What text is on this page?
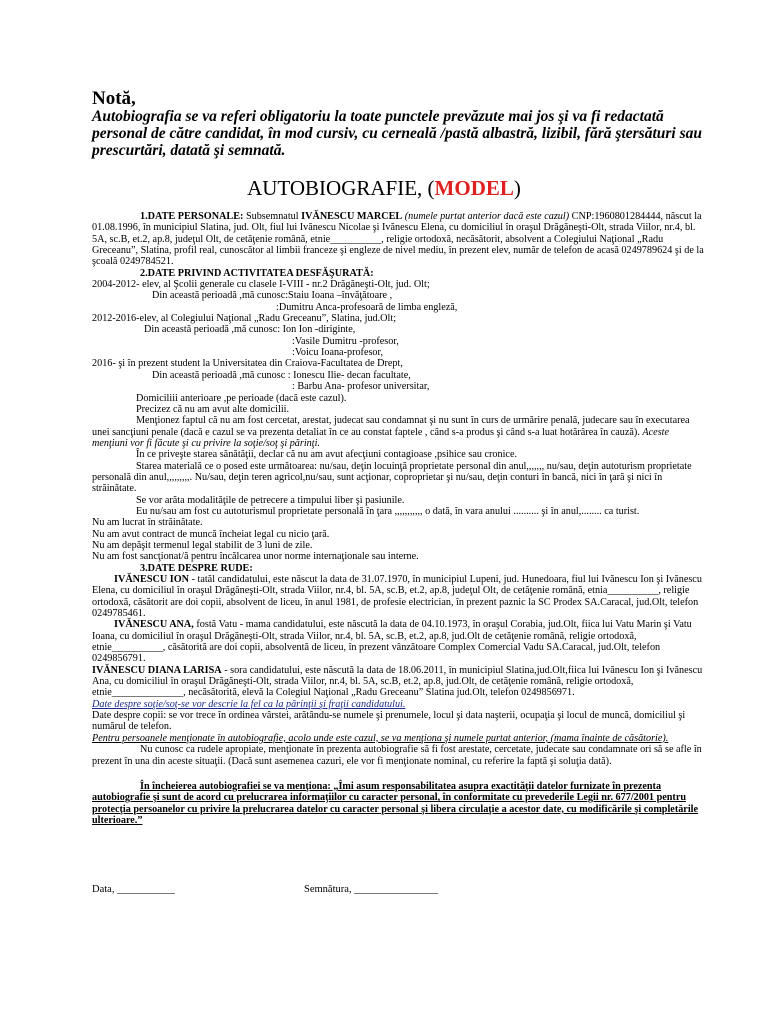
Notă,
Autobiografia se va referi obligatoriu la toate punctele prevăzute mai jos şi va fi redactată personal de către candidat, în mod cursiv, cu cerneală /pastă albastră, lizibil, fără ştersături sau prescurtări, datată şi semnată.
AUTOBIOGRAFIE, (MODEL)

1.DATE PERSONALE: Subsemnatul IVĂNESCU MARCEL (numele purtat anterior dacă este cazul) CNP:1960801284444, născut la 01.08.1996, în municipiul Slatina, jud. Olt, fiul lui Ivănescu Nicolae şi Ivănescu Elena, cu domiciliul în oraşul Drăgăneşti-Olt, strada Viilor, nr.4, bl. 5A, sc.B, et.2, ap.8, judeţul Olt, de cetăţenie română, etnie__________, religie ortodoxă, necăsătorit, absolvent a Colegiului Naţional „Radu Greceanu”, Slatina, profil real, cunoscător al limbii franceze şi engleze de nivel mediu, în prezent elev, număr de telefon de acasă 0249789624 şi de la şcoală 0249784521.

2.DATE PRIVIND ACTIVITATEA DESFĂŞURATĂ:

2004-2012- elev, al Şcolii generale cu clasele I-VIII - nr.2 Drăgăneşti-Olt, jud. Olt;

Din această perioadă ,mă cunosc:Staiu Ioana –învăţătoare ,

:Dumitru Anca-profesoară de limba engleză,

2012-2016-elev, al Colegiului Naţional „Radu Greceanu”, Slatina, jud.Olt;

Din această perioadă ,mă cunosc: Ion Ion -diriginte,

:Vasile Dumitru -profesor,

:Voicu Ioana-profesor,

2016- şi în prezent student la Universitatea din Craiova-Facultatea de Drept,

Din această perioadă ,mă cunosc : Ionescu Ilie- decan facultate,

: Barbu Ana- profesor universitar,

Domiciliii anterioare ,pe perioade (dacă este cazul).

Precizez că nu am avut alte domicilii.

Menţionez faptul că nu am fost cercetat, arestat, judecat sau condamnat şi nu sunt în curs de urmărire penală, judecare sau în executarea unei sancţiuni penale (dacă e cazul se va prezenta detaliat în ce au constat faptele , când s-a produs şi când s-a luat hotărârea în cauză). Aceste menţiuni vor fi făcute şi cu privire la soţie/soţ şi părinţi.

În ce priveşte starea sănătăţii, declar că nu am avut afecţiuni contagioase ,psihice sau cronice.

Starea materială ce o posed este următoarea: nu/sau, deţin locuinţă proprietate personal din anul,,,,,,, nu/sau, deţin autoturism proprietate personală din anul,,,,,,,,,. Nu/sau, deţin teren agricol,nu/sau, sunt acţionar, coproprietar şi nu/sau, deţin conturi în bancă, nici în ţară şi nici în străinătate.

Se vor arăta modalităţile de petrecere a timpului liber şi pasiunile.

Eu nu/sau am fost cu autoturismul proprietate personală în ţara ,,,,,,,,,,, o dată, în vara anului .......... şi în anul,........ ca turist.

Nu am lucrat în străinătate.

Nu am avut contract de muncă încheiat legal cu nicio ţară.

Nu am depăşit termenul legal stabilit de 3 luni de zile.

Nu am fost sancţionat/ă pentru încălcarea unor norme internaţionale sau interne.

3.DATE DESPRE RUDE:

IVĂNESCU ION - tatăl candidatului, este născut la data de 31.07.1970, în municipiul Lupeni, jud. Hunedoara, fiul lui Ivănescu Ion şi Ivănescu Elena, cu domiciliul în oraşul Drăgăneşti-Olt, strada Viilor, nr.4, bl. 5A, sc.B, et.2, ap.8, judeţul Olt, de cetăţenie română, etnia__________, religie ortodoxă, căsătorit are doi copii, absolvent de liceu, în anul 1981, de profesie electrician, în prezent paznic la SC Prodex SA.Caracal, jud.Olt, telefon 0249785461.

IVĂNESCU ANA, fostă Vatu - mama candidatului, este născută la data de 04.10.1973, în oraşul Corabia, jud.Olt, fiica lui Vatu Marin şi Vatu Ioana, cu domiciliul în oraşul Drăgăneşti-Olt, strada Viilor, nr.4, bl. 5A, sc.B, et.2, ap.8, jud.Olt de cetăţenie română, religie ortodoxă, etnie__________, căsătorită are doi copii, absolventă de liceu, în prezent vânzătoare Complex Comercial Vadu SA.Caracal, jud.Olt, telefon 0249856791.

IVĂNESCU DIANA LARISA - sora candidatului, este născută la data de 18.06.2011, în municipiul Slatina,jud.Olt,fiica lui Ivănescu Ion şi Ivănescu Ana, cu domiciliul în oraşul Drăgăneşti-Olt, strada Viilor, nr.4, bl. 5A, sc.B, et.2, ap.8, jud.Olt, de cetăţenie română, religie ortodoxă, etnie______________, necăsătorită, elevă la Colegiul Naţional „Radu Greceanu” Slatina jud.Olt, telefon 0249856971.

Date despre soţie/soţ-se vor descrie la fel ca la părinţii şi fraţii candidatului.

Date despre copii: se vor trece în ordinea vârstei, arătându-se numele şi prenumele, locul şi data naşterii, ocupaţia şi locul de muncă, domiciliul şi numărul de telefon.

Pentru persoanele menţionate în autobiografie, acolo unde este cazul, se va menţiona şi numele purtat anterior, (mama înainte de căsătorie).

Nu cunosc ca rudele apropiate, menţionate în prezenta autobiografie să fi fost arestate, cercetate, judecate sau condamnate ori să se afle în prezent în una din aceste situaţii. (Dacă sunt asemenea cazuri, ele vor fi menţionate nominal, cu referire la faptă şi soluţia dată).

În încheierea autobiografiei se va menţiona: „Îmi asum responsabilitatea asupra exactităţii datelor furnizate în prezenta autobiografie şi sunt de acord cu prelucrarea informaţiilor cu caracter personal, în conformitate cu prevederile Legii nr. 677/2001 pentru protecţia persoanelor cu privire la prelucrarea datelor cu caracter personal şi libera circulaţie a acestor date, cu modificările şi completările ulterioare.”

Data, ___________	Semnătura, ________________
